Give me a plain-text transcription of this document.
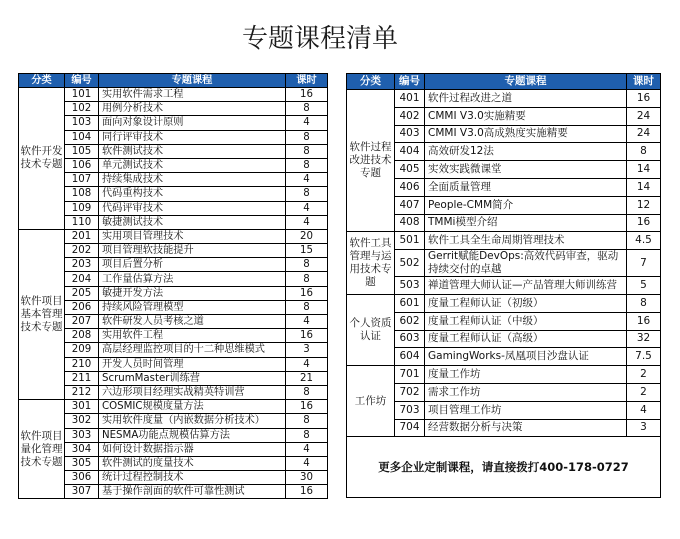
专题课程清单
分类	编号	专题课程	课时
软件开发技术专题	101	实用软件需求工程	16
	102	用例分析技术	8
	103	面向对象设计原则	4
	104	同行评审技术	8
	105	软件测试技术	8
	106	单元测试技术	8
	107	持续集成技术	4
	108	代码重构技术	8
	109	代码评审技术	4
	110	敏捷测试技术	4
软件项目基本管理技术专题	201	实用项目管理技术	20
	202	项目管理软技能提升	15
	203	项目后置分析	8
	204	工作量估算方法	8
	205	敏捷开发方法	16
	206	持续风险管理模型	8
	207	软件研发人员考核之道	4
	208	实用软件工程	16
	209	高层经理监控项目的十二种思维模式	3
	210	开发人员时间管理	4
	211	ScrumMaster训练营	21
	212	六边形项目经理实战精英特训营	8
软件项目量化管理技术专题	301	COSMIC规模度量方法	16
	302	实用软件度量（内嵌数据分析技术）	8
	303	NESMA功能点规模估算方法	8
	304	如何设计数据指示器	4
	305	软件测试的度量技术	4
	306	统计过程控制技术	30
	307	基于操作剖面的软件可靠性测试	16
分类	编号	专题课程	课时
软件过程改进技术专题	401	软件过程改进之道	16
	402	CMMI V3.0实施精要	24
	403	CMMI V3.0高成熟度实施精要	24
	404	高效研发12法	8
	405	实效实践微课堂	14
	406	全面质量管理	14
	407	People-CMM简介	12
	408	TMMi模型介绍	16
软件工具管理与运用技术专题	501	软件工具全生命周期管理技术	4.5
	502	Gerrit赋能DevOps:高效代码审查，驱动持续交付的卓越	7
	503	禅道管理大师认证—产品管理大师训练营	5
个人资质认证	601	度量工程师认证（初级）	8
	602	度量工程师认证（中级）	16
	603	度量工程师认证（高级）	32
	604	GamingWorks-凤凰项目沙盘认证	7.5
工作坊	701	度量工作坊	2
	702	需求工作坊	2
	703	项目管理工作坊	4
	704	经营数据分析与决策	3
更多企业定制课程，请直接拨打400-178-0727			
